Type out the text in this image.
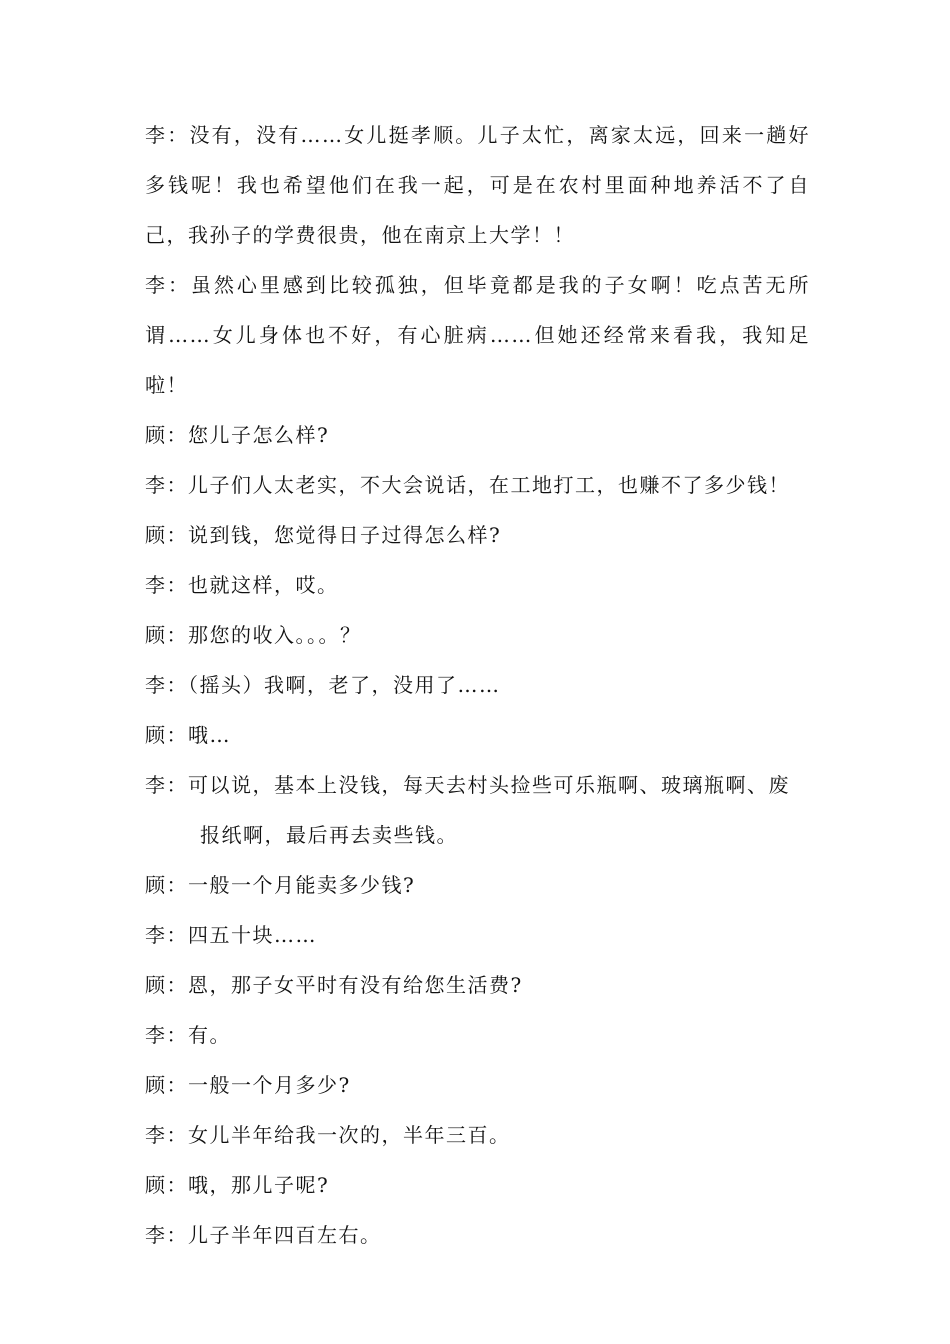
李：没有，没有……女儿挺孝顺。儿子太忙，离家太远，回来一趟好多钱呢！我也希望他们在我一起，可是在农村里面种地养活不了自己，我孙子的学费很贵，他在南京上大学！！

李：虽然心里感到比较孤独，但毕竟都是我的子女啊！吃点苦无所谓……女儿身体也不好，有心脏病……但她还经常来看我，我知足啦！

顾：您儿子怎么样?

李：儿子们人太老实，不大会说话，在工地打工，也赚不了多少钱！

顾：说到钱，您觉得日子过得怎么样?

李：也就这样，哎。

顾：那您的收入。。。？

李：（摇头）我啊，老了，没用了……

顾：哦…

李：可以说，基本上没钱，每天去村头捡些可乐瓶啊、玻璃瓶啊、废报纸啊，最后再去卖些钱。

顾：一般一个月能卖多少钱?

李：四五十块……

顾：恩，那子女平时有没有给您生活费?

李：有。

顾：一般一个月多少?

李：女儿半年给我一次的，半年三百。

顾：哦，那儿子呢?

李：儿子半年四百左右。
